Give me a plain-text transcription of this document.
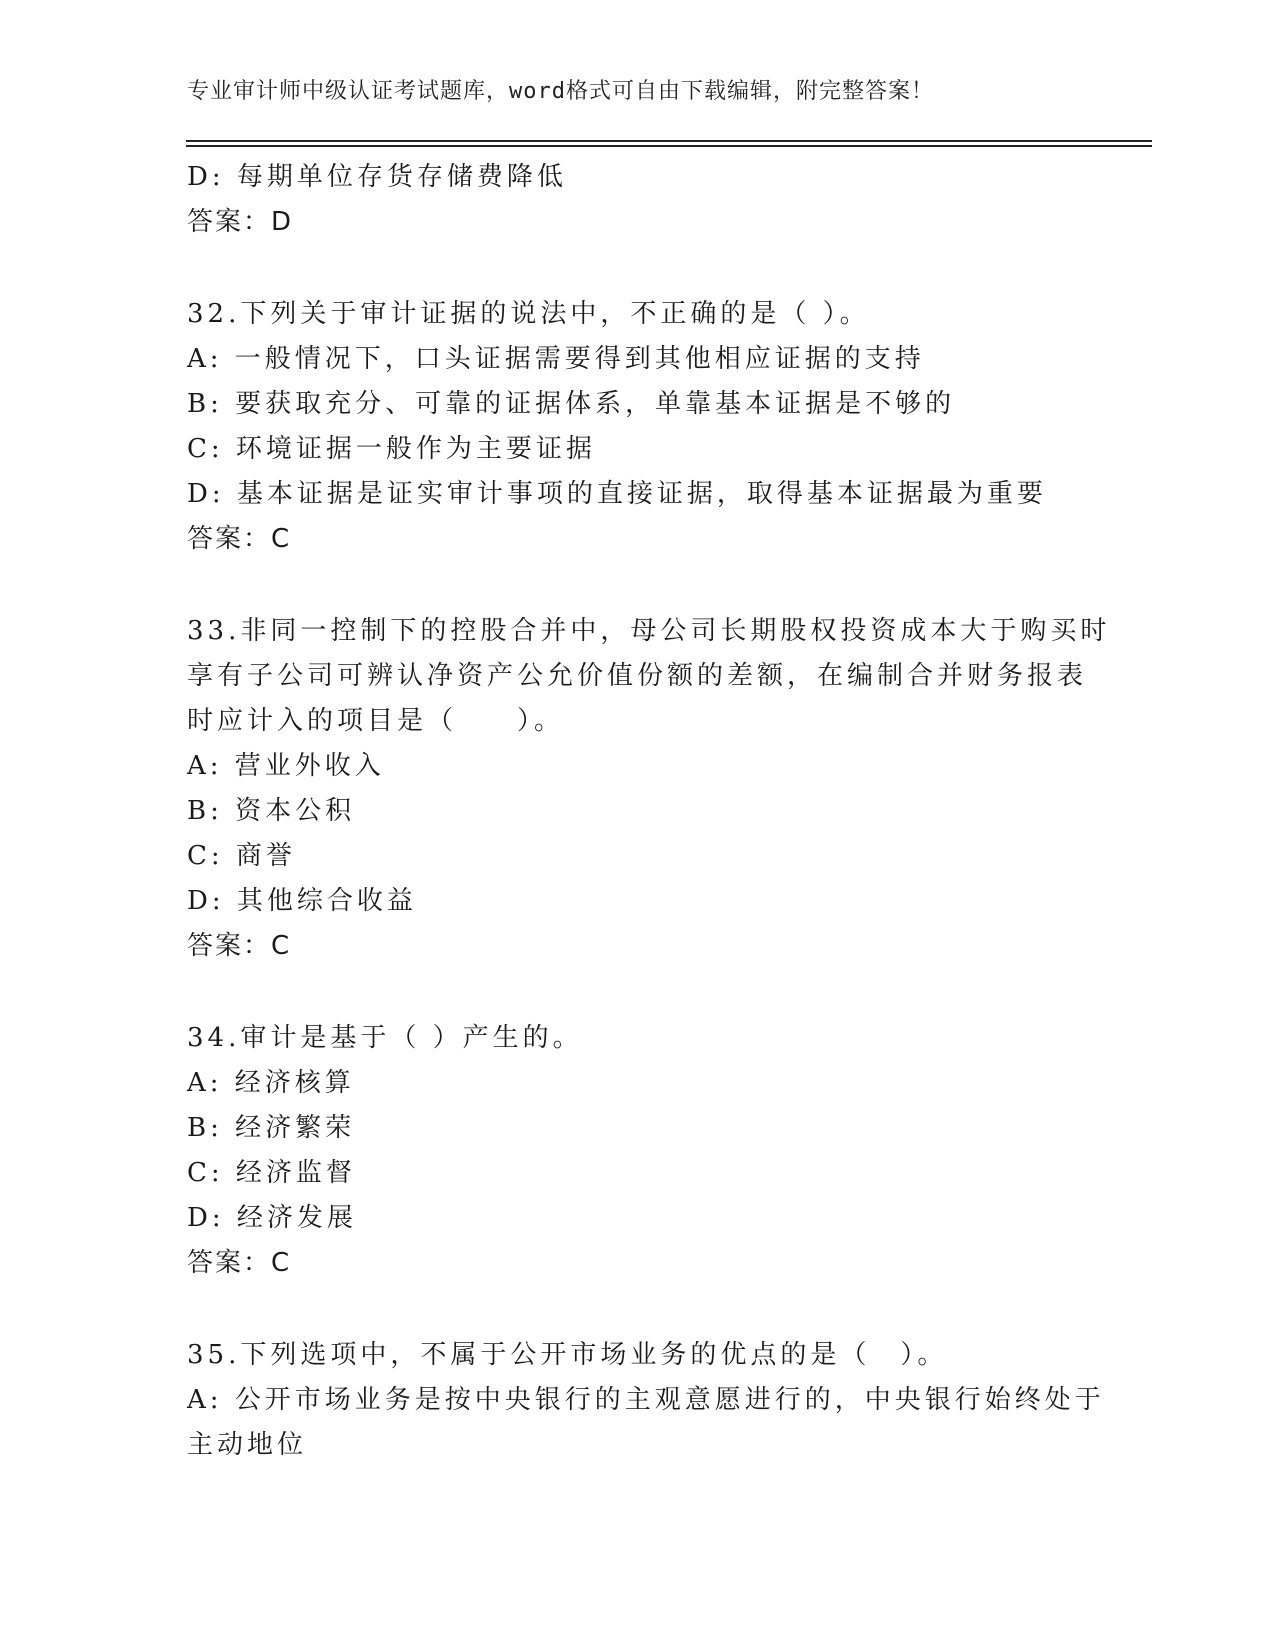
专业审计师中级认证考试题库，word格式可自由下载编辑，附完整答案！
D: 每期单位存货存储费降低
答案：D
32.下列关于审计证据的说法中，不正确的是（ ）。
A: 一般情况下，口头证据需要得到其他相应证据的支持
B: 要获取充分、可靠的证据体系，单靠基本证据是不够的
C: 环境证据一般作为主要证据
D: 基本证据是证实审计事项的直接证据，取得基本证据最为重要
答案：C
33.非同一控制下的控股合并中，母公司长期股权投资成本大于购买时
享有子公司可辨认净资产公允价值份额的差额，在编制合并财务报表
时应计入的项目是（　　）。
A: 营业外收入
B: 资本公积
C: 商誉
D: 其他综合收益
答案：C
34.审计是基于（ ）产生的。
A: 经济核算
B: 经济繁荣
C: 经济监督
D: 经济发展
答案：C
35.下列选项中，不属于公开市场业务的优点的是（　）。
A: 公开市场业务是按中央银行的主观意愿进行的，中央银行始终处于
主动地位
